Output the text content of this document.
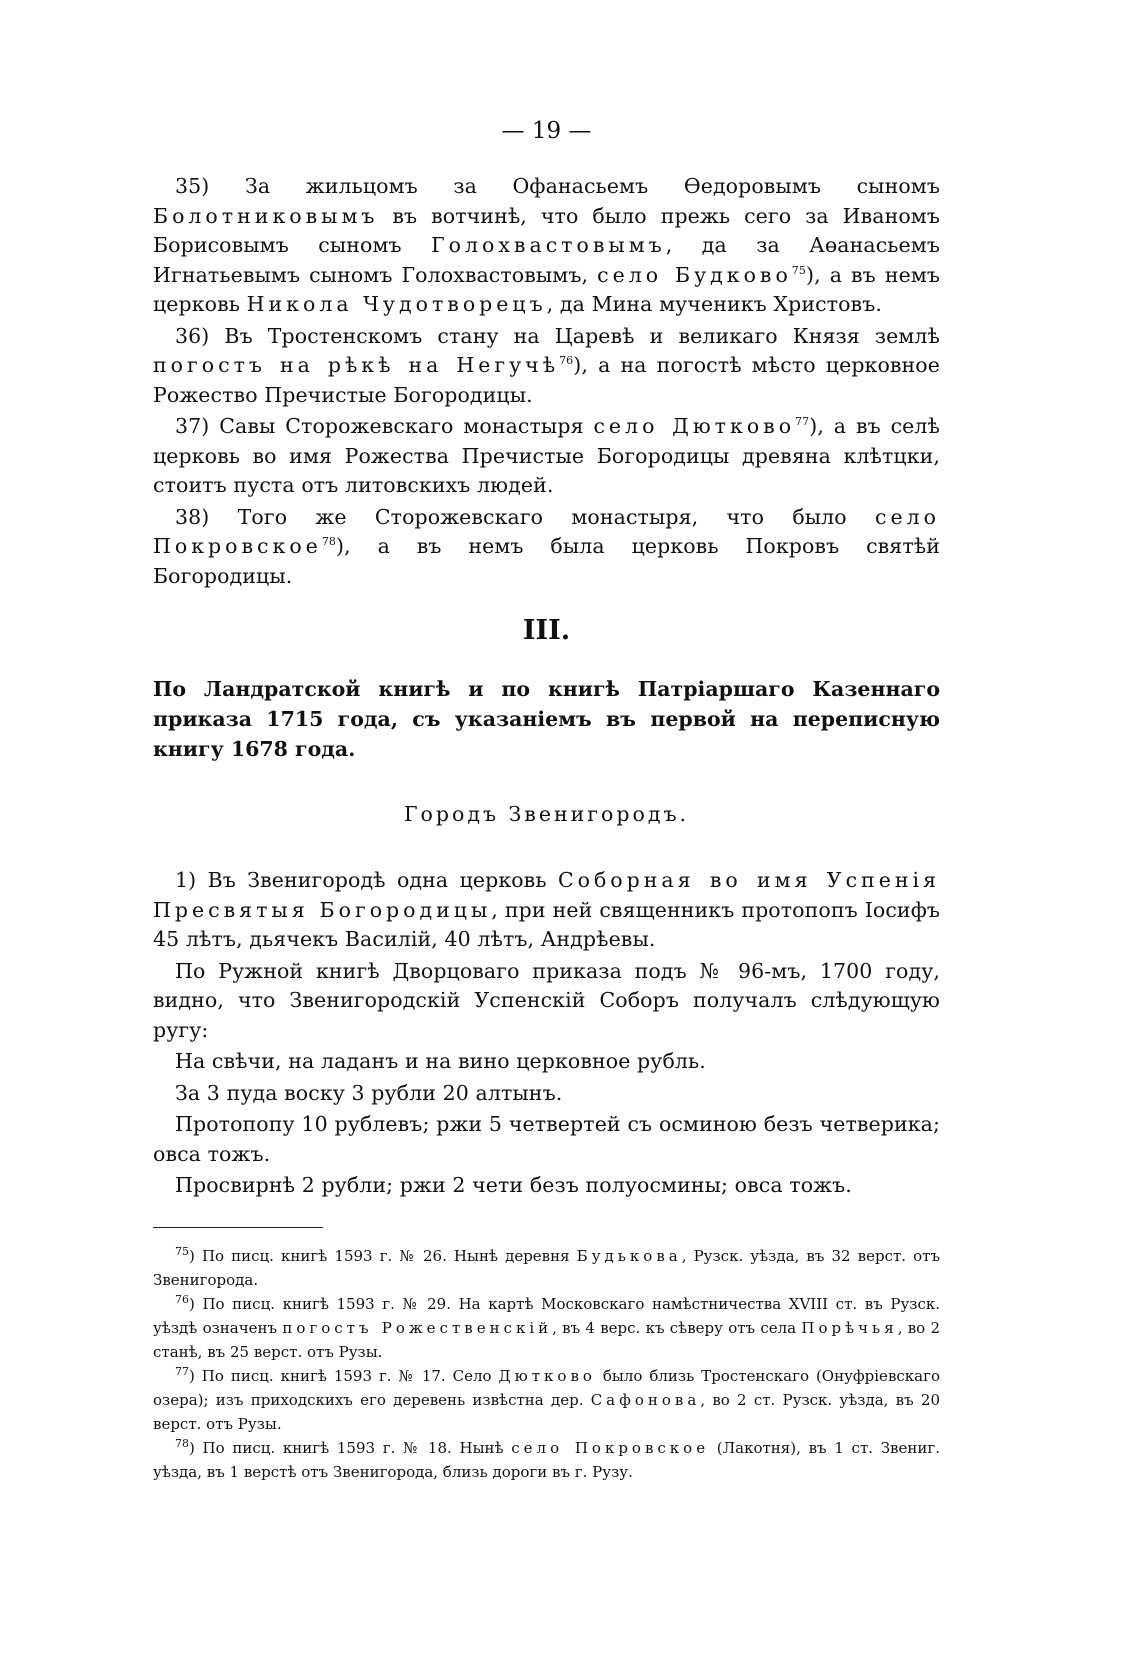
— 19 —

35) За жильцомъ за Офанасьемъ Өедоровымъ сыномъ Болотниковымъ въ вотчинѣ, что было прежь сего за Иваномъ Борисовымъ сыномъ Голохвастовымъ, да за Аөанасьемъ Игнатьевымъ сыномъ Голохвастовымъ, село Будково$^{75}$), а въ немъ церковь Никола Чудотворецъ, да Мина мученикъ Христовъ.

36) Въ Тростенскомъ стану на Царевѣ и великаго Князя землѣ погостъ на рѣкѣ на Негучѣ$^{76}$), а на погостѣ мѣсто церковное Рожество Пречистые Богородицы.

37) Савы Сторожевскаго монастыря село Дютково$^{77}$), а въ селѣ церковь во имя Рожества Пречистые Богородицы древяна клѣтцки, стоитъ пуста отъ литовскихъ людей.

38) Того же Сторожевскаго монастыря, что было село Покровское$^{78}$), а въ немъ была церковь Покровъ святѣй Богородицы.

III.
По Ландратской книгѣ и по книгѣ Патріаршаго Казеннаго приказа 1715 года, съ указаніемъ въ первой на переписную книгу 1678 года.
Городъ Звенигородъ.

1) Въ Звенигородѣ одна церковь Соборная во имя Успенія Пресвятыя Богородицы, при ней священникъ протопопъ Іосифъ 45 лѣтъ, дьячекъ Василій, 40 лѣтъ, Андрѣевы.

По Ружной книгѣ Дворцоваго приказа подъ № 96-мъ, 1700 году, видно, что Звенигородскій Успенскій Соборъ получалъ слѣдующую ругу:

На свѣчи, на ладанъ и на вино церковное рубль.

За 3 пуда воску 3 рубли 20 алтынъ.

Протопопу 10 рублевъ; ржи 5 четвертей съ осминою безъ четверика; овса тожъ.

Просвирнѣ 2 рубли; ржи 2 чети безъ полуосмины; овса тожъ.

$^{75}$) По писц. книгѣ 1593 г. № 26. Нынѣ деревня Будькова, Рузск. уѣзда, въ 32 верст. отъ Звенигорода.

$^{76}$) По писц. книгѣ 1593 г. № 29. На картѣ Московскаго намѣстничества XVIII ст. въ Рузск. уѣздѣ означенъ погостъ Рожественскій, въ 4 верс. къ сѣверу отъ села Порѣчья, во 2 станѣ, въ 25 верст. отъ Рузы.

$^{77}$) По писц. книгѣ 1593 г. № 17. Село Дютково было близь Тростенскаго (Онуфріевскаго озера); изъ приходскихъ его деревень извѣстна дер. Сафонова, во 2 ст. Рузск. уѣзда, въ 20 верст. отъ Рузы.

$^{78}$) По писц. книгѣ 1593 г. № 18. Нынѣ село Покровское (Лакотня), въ 1 ст. Звениг. уѣзда, въ 1 верстѣ отъ Звенигорода, близь дороги въ г. Рузу.
